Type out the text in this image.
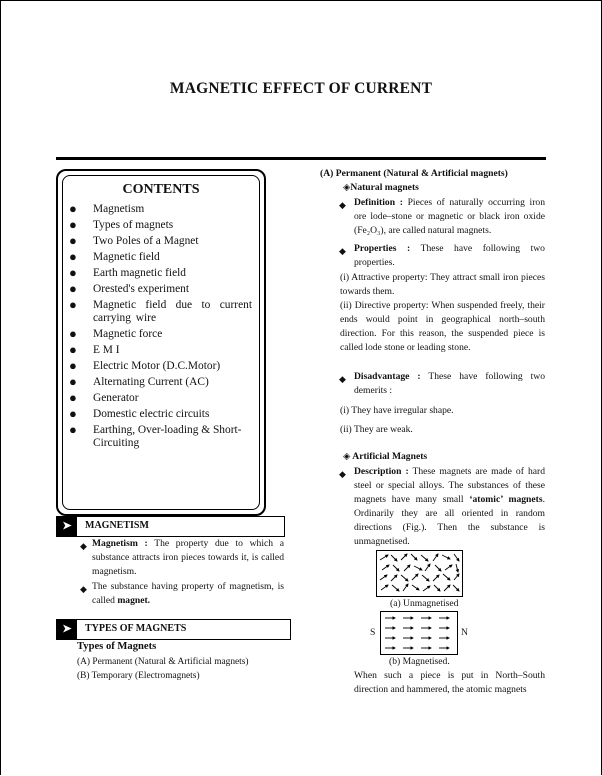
MAGNETIC EFFECT OF CURRENT
CONTENTS
● Magnetism
● Types of magnets
● Two Poles of a Magnet
● Magnetic field
● Earth magnetic field
● Orested's experiment
● Magnetic field due to current carrying wire
● Magnetic force
● E M I
● Electric Motor (D.C.Motor)
● Alternating Current (AC)
● Generator
● Domestic electric circuits
● Earthing, Over-loading & Short-Circuiting
➤	MAGNETISM
◆ Magnetism : The property due to which a substance attracts iron pieces towards it, is called magnetism.
◆ The substance having property of magnetism, is called magnet.
➤	TYPES OF MAGNETS
Types of Magnets
(A) Permanent (Natural & Artificial magnets)
(B) Temporary (Electromagnets)
(A) Permanent (Natural & Artificial magnets)
◈Natural magnets
◆ Definition : Pieces of naturally occurring iron ore lode–stone or magnetic or black iron oxide (Fe₂O₃), are called natural magnets.
◆ Properties : These have following two properties.
(i) Attractive property: They attract small iron pieces towards them.
(ii) Directive property: When suspended freely, their ends would point in geographical north–south direction. For this reason, the suspended piece is called lode stone or leading stone.
◆ Disadvantage : These have following two demerits :
(i) They have irregular shape.
(ii) They are weak.
◈ Artificial Magnets
◆ Description : These magnets are made of hard steel or special alloys. The substances of these magnets have many small ‘atomic’ magnets. Ordinarily they are all oriented in random directions (Fig.). Then the substance is unmagnetised.
(a) Unmagnetised
S	N
(b) Magnetised.
When such a piece is put in North–South direction and hammered, the atomic magnets
